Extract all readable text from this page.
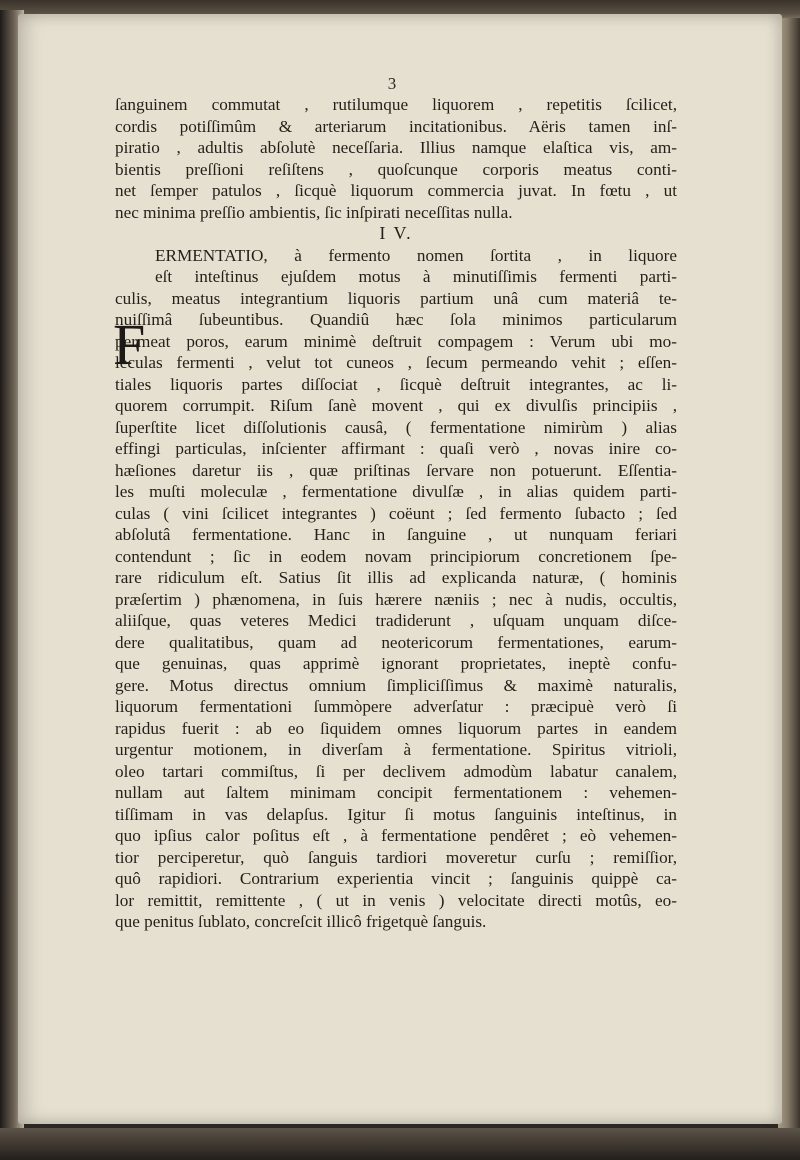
3
ſanguinem commutat , rutilumque liquorem , repetitis ſcilicet,
cordis potiſſimûm & arteriarum incitationibus. Aëris tamen inſ-
piratio , adultis abſolutè neceſſaria. Illius namque elaſtica vis, am-
bientis preſſioni reſiſtens , quoſcunque corporis meatus conti-
net ſemper patulos , ſicquè liquorum commercia juvat. In fœtu , ut
nec minima preſſio ambientis, ſic inſpirati neceſſitas nulla.
I V.
F
ERMENTATIO, à fermento nomen ſortita , in liquore
eſt inteſtinus ejuſdem motus à minutiſſimis fermenti parti-
culis, meatus integrantium liquoris partium unâ cum materiâ te-
nuiſſimâ ſubeuntibus. Quandiû hæc ſola minimos particularum
permeat poros, earum minimè deſtruit compagem : Verum ubi mo-
leculas fermenti , velut tot cuneos , ſecum permeando vehit ; eſſen-
tiales liquoris partes diſſociat , ſicquè deſtruit integrantes, ac li-
quorem corrumpit. Riſum ſanè movent , qui ex divulſis principiis ,
ſuperſtite licet diſſolutionis causâ, ( fermentatione nimirùm ) alias
effingi particulas, inſcienter affirmant : quaſi verò , novas inire co-
hæſiones daretur iis , quæ priſtinas ſervare non potuerunt. Eſſentia-
les muſti moleculæ , fermentatione divulſæ , in alias quidem parti-
culas ( vini ſcilicet integrantes ) coëunt ; ſed fermento ſubacto ; ſed
abſolutâ fermentatione. Hanc in ſanguine , ut nunquam feriari
contendunt ; ſic in eodem novam principiorum concretionem ſpe-
rare ridiculum eſt. Satius ſit illis ad explicanda naturæ, ( hominis
præſertim ) phænomena, in ſuis hærere næniis ; nec à nudis, occultis,
aliiſque, quas veteres Medici tradiderunt , uſquam unquam diſce-
dere qualitatibus, quam ad neotericorum fermentationes, earum-
que genuinas, quas apprimè ignorant proprietates, ineptè confu-
gere. Motus directus omnium ſimpliciſſimus & maximè naturalis,
liquorum fermentationi ſummòpere adverſatur : præcipuè verò ſi
rapidus fuerit : ab eo ſiquidem omnes liquorum partes in eandem
urgentur motionem, in diverſam à fermentatione. Spiritus vitrioli,
oleo tartari commiſtus, ſi per declivem admodùm labatur canalem,
nullam aut ſaltem minimam concipit fermentationem : vehemen-
tiſſimam in vas delapſus. Igitur ſi motus ſanguinis inteſtinus, in
quo ipſius calor poſitus eſt , à fermentatione pendêret ; eò vehemen-
tior perciperetur, quò ſanguis tardiori moveretur curſu ; remiſſior,
quô rapidiori. Contrarium experientia vincit ; ſanguinis quippè ca-
lor remittit, remittente , ( ut in venis ) velocitate directi motûs, eo-
que penitus ſublato, concreſcit illicô frigetquè ſanguis.
